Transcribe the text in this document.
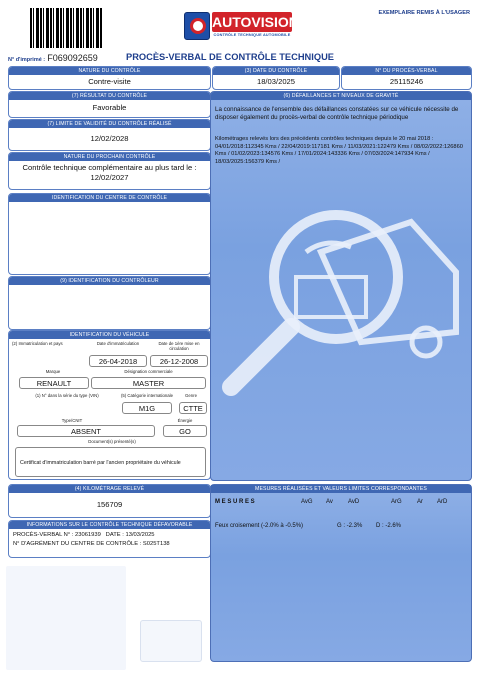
AUTOVISION
CONTRÔLE TECHNIQUE AUTOMOBILE
EXEMPLAIRE REMIS À L'USAGER
N° d'imprimé : F069092659	PROCÈS-VERBAL DE CONTRÔLE TECHNIQUE
NATURE DU CONTRÔLE
Contre-visite
(3) DATE DU CONTRÔLE
18/03/2025
N° DU PROCÈS-VERBAL
25115246
(7) RÉSULTAT DU CONTRÔLE
Favorable
(7) LIMITE DE VALIDITÉ DU CONTRÔLE RÉALISÉ
12/02/2028
NATURE DU PROCHAIN CONTRÔLE
Contrôle technique complémentaire au plus tard le :
12/02/2027
IDENTIFICATION DU CENTRE DE CONTRÔLE
(9) IDENTIFICATION DU CONTRÔLEUR
IDENTIFICATION DU VÉHICULE
(2) Immatriculation et pays	Date d'immatriculation	Date de 1ère mise en circulation
26-04-2018	26-12-2008
Marque	Désignation commerciale
RENAULT	MASTER
(1) N° dans la série du type (VIN)	(5) Catégorie internationale	Genre
M1G	CTTE
Type/CNIT	Énergie
ABSENT	GO
Document(s) présenté(s)
Certificat d'immatriculation barré par l'ancien propriétaire du véhicule
(4) KILOMÉTRAGE RELEVÉ
156709
INFORMATIONS SUR LE CONTRÔLE TECHNIQUE DÉFAVORABLE
PROCÈS-VERBAL N° : 23061939   DATE : 13/03/2025
N° D'AGRÉMENT DU CENTRE DE CONTRÔLE : S025T138
(6) DÉFAILLANCES ET NIVEAUX DE GRAVITÉ
La connaissance de l'ensemble des défaillances constatées sur ce véhicule nécessite de disposer également du procès-verbal de contrôle technique périodique
Kilométrages relevés lors des précédents contrôles techniques depuis le 20 mai 2018 : 04/01/2018:112345 Kms / 22/04/2019:117181 Kms / 11/03/2021:122479 Kms / 08/02/2022:126860 Kms / 01/02/2023:134576 Kms / 17/01/2024:143336 Kms / 07/03/2024:147934 Kms / 18/03/2025:156379 Kms /
MESURES RÉALISÉES ET VALEURS LIMITES CORRESPONDANTES
M E S U R E S	AvG Av	AvD	ArG	Ar ArD
Feux croisement (-2.0% à -0.5%)	G : -2.3% D : -2.6%
